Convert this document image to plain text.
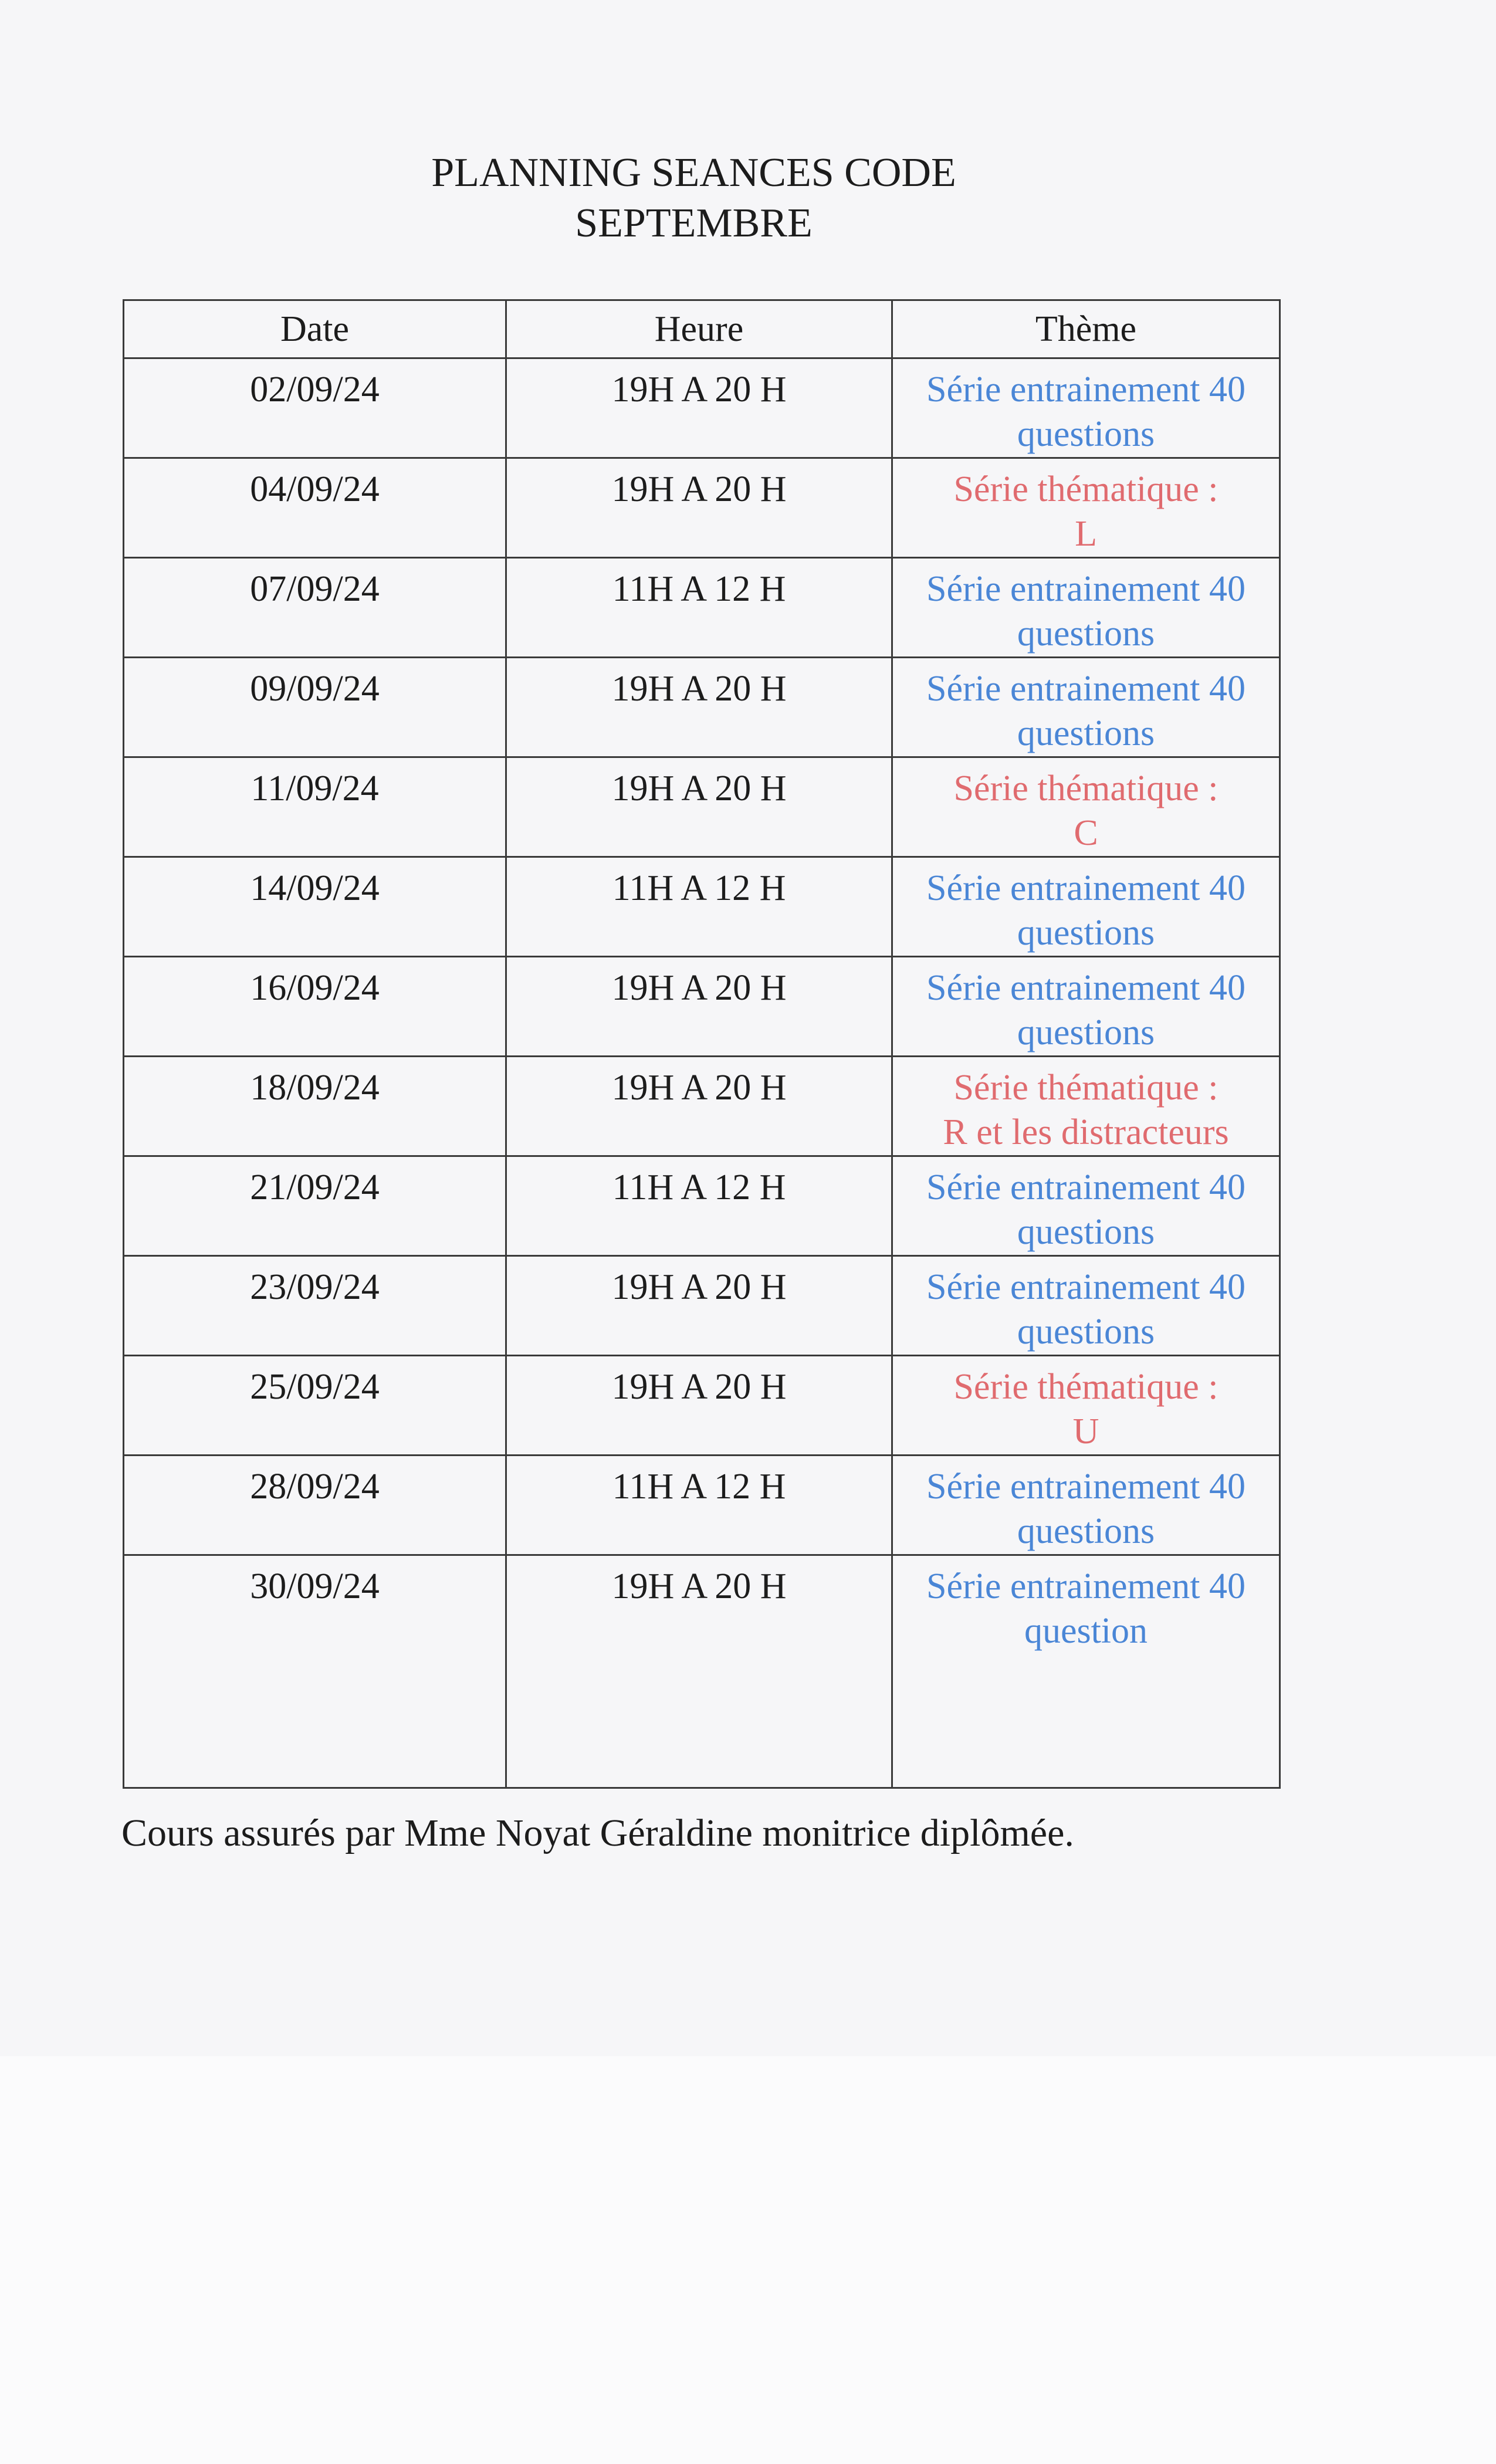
PLANNING SEANCES CODE
SEPTEMBRE
Date	Heure	Thème
02/09/24	19H A 20 H	Série entrainement 40
questions

04/09/24	19H A 20 H	Série thématique :
L

07/09/24	11H A 12 H	Série entrainement 40
questions

09/09/24	19H A 20 H	Série entrainement 40
questions

11/09/24	19H A 20 H	Série thématique :
C

14/09/24	11H A 12 H	Série entrainement 40
questions

16/09/24	19H A 20 H	Série entrainement 40
questions

18/09/24	19H A 20 H	Série thématique :
R et les distracteurs

21/09/24	11H A 12 H	Série entrainement 40
questions

23/09/24	19H A 20 H	Série entrainement 40
questions

25/09/24	19H A 20 H	Série thématique :
U

28/09/24	11H A 12 H	Série entrainement 40
questions

30/09/24	19H A 20 H	Série entrainement 40
question
Cours assurés par Mme Noyat Géraldine monitrice diplômée.
